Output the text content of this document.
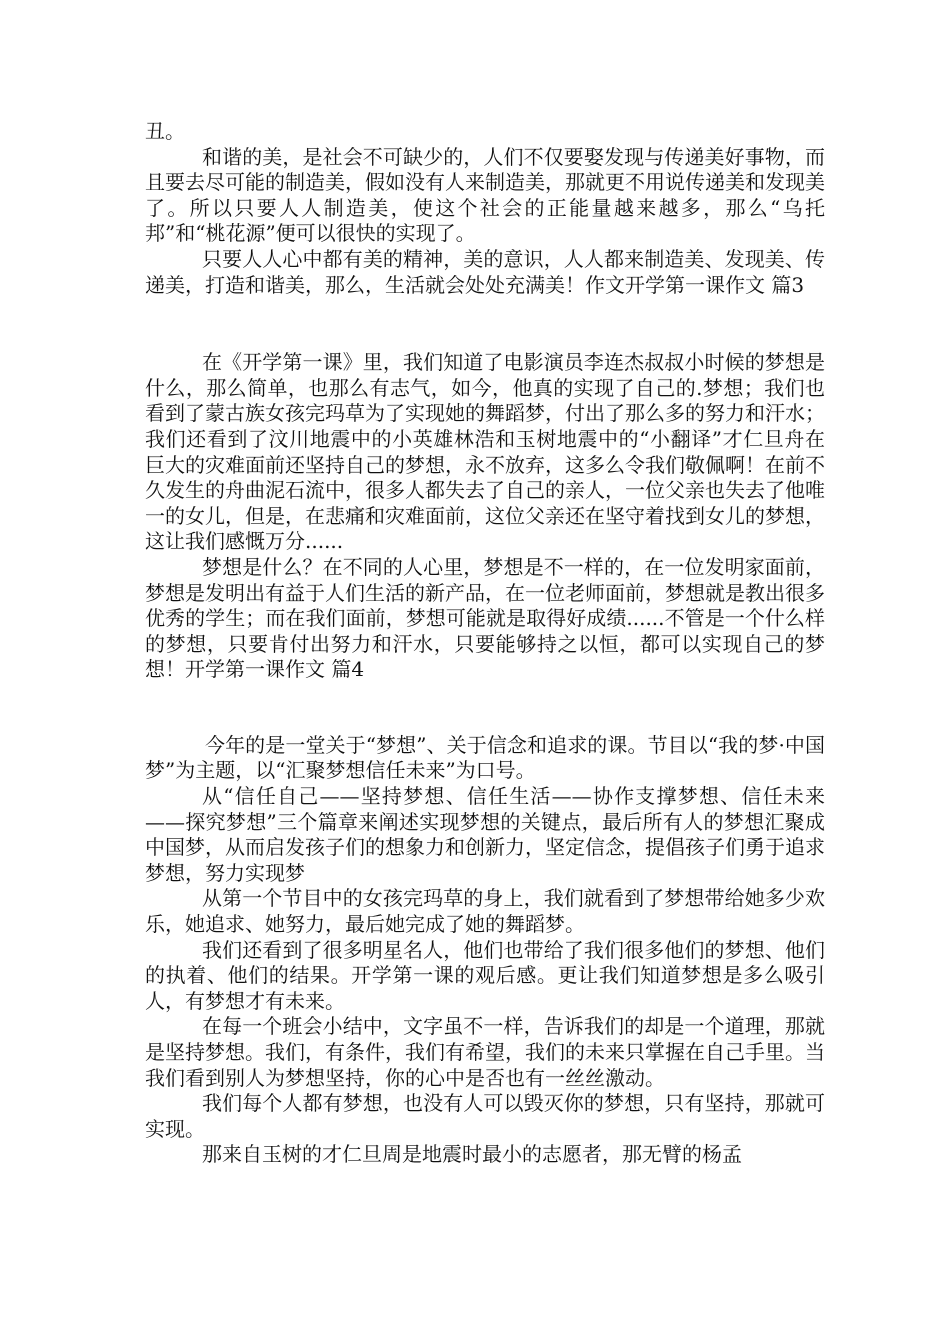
丑。

和谐的美，是社会不可缺少的，人们不仅要娶发现与传递美好事物，而且要去尽可能的制造美，假如没有人来制造美，那就更不用说传递美和发现美了。所以只要人人制造美，使这个社会的正能量越来越多，那么“乌托邦”和“桃花源”便可以很快的实现了。

只要人人心中都有美的精神，美的意识，人人都来制造美、发现美、传递美，打造和谐美，那么，生活就会处处充满美！作文开学第一课作文 篇3

在《开学第一课》里，我们知道了电影演员李连杰叔叔小时候的梦想是什么，那么简单，也那么有志气，如今，他真的实现了自己的.梦想；我们也看到了蒙古族女孩完玛草为了实现她的舞蹈梦，付出了那么多的努力和汗水；我们还看到了汶川地震中的小英雄林浩和玉树地震中的“小翻译”才仁旦舟在巨大的灾难面前还坚持自己的梦想，永不放弃，这多么令我们敬佩啊！在前不久发生的舟曲泥石流中，很多人都失去了自己的亲人，一位父亲也失去了他唯一的女儿，但是，在悲痛和灾难面前，这位父亲还在坚守着找到女儿的梦想，这让我们感慨万分......

梦想是什么？在不同的人心里，梦想是不一样的，在一位发明家面前，梦想是发明出有益于人们生活的新产品，在一位老师面前，梦想就是教出很多优秀的学生；而在我们面前，梦想可能就是取得好成绩......不管是一个什么样的梦想，只要肯付出努力和汗水，只要能够持之以恒，都可以实现自己的梦想！开学第一课作文 篇4

今年的是一堂关于“梦想”、关于信念和追求的课。节目以“我的梦·中国梦”为主题，以“汇聚梦想信任未来”为口号。

从“信任自己——坚持梦想、信任生活——协作支撑梦想、信任未来——探究梦想”三个篇章来阐述实现梦想的关键点，最后所有人的梦想汇聚成中国梦，从而启发孩子们的想象力和创新力，坚定信念，提倡孩子们勇于追求梦想，努力实现梦

从第一个节目中的女孩完玛草的身上，我们就看到了梦想带给她多少欢乐，她追求、她努力，最后她完成了她的舞蹈梦。

我们还看到了很多明星名人，他们也带给了我们很多他们的梦想、他们的执着、他们的结果。开学第一课的观后感。更让我们知道梦想是多么吸引人，有梦想才有未来。

在每一个班会小结中，文字虽不一样，告诉我们的却是一个道理，那就是坚持梦想。我们，有条件，我们有希望，我们的未来只掌握在自己手里。当我们看到别人为梦想坚持，你的心中是否也有一丝丝激动。

我们每个人都有梦想，也没有人可以毁灭你的梦想，只有坚持，那就可实现。

那来自玉树的才仁旦周是地震时最小的志愿者，那无臂的杨孟
